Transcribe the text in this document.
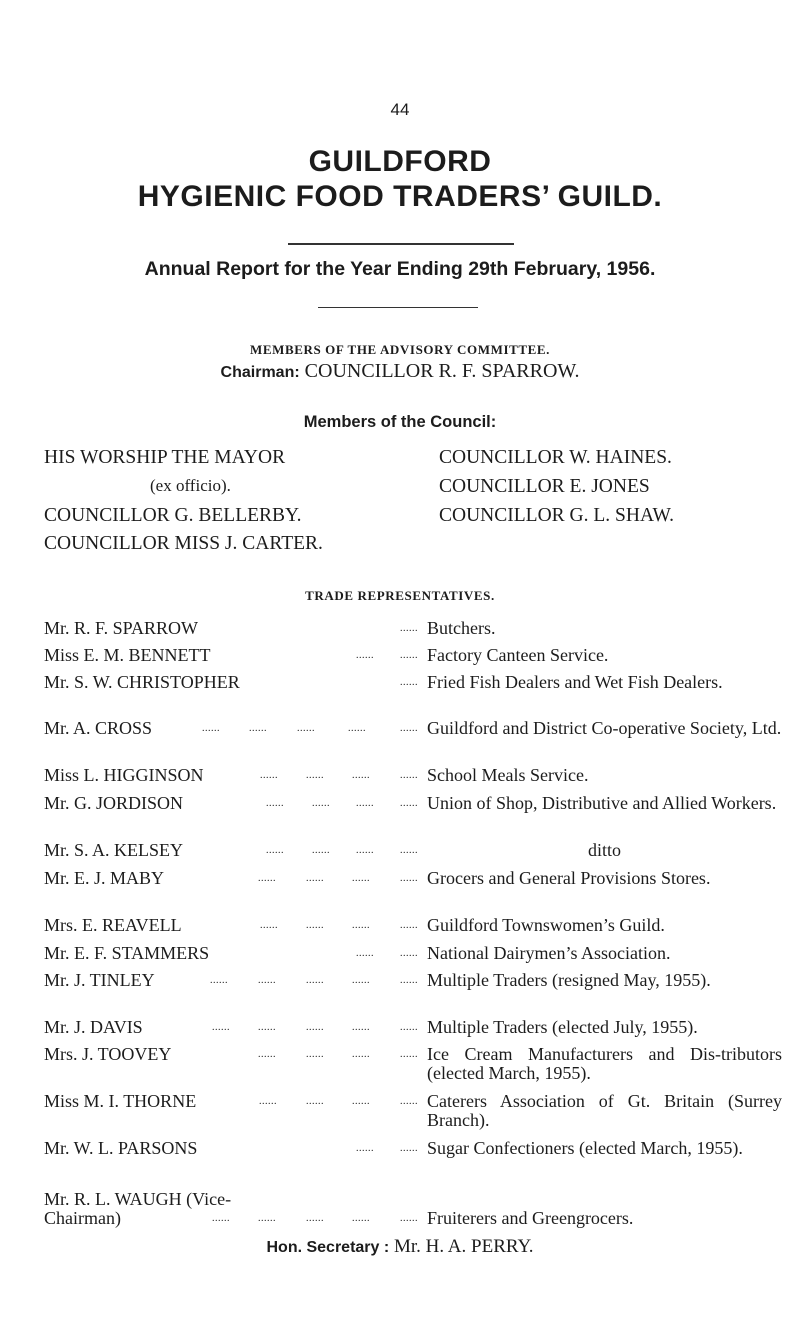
44
GUILDFORD
HYGIENIC FOOD TRADERS’ GUILD.
Annual Report for the Year Ending 29th February, 1956.
MEMBERS OF THE ADVISORY COMMITTEE.
Chairman: COUNCILLOR R. F. SPARROW.
Members of the Council:
HIS WORSHIP THE MAYOR
(ex officio).
COUNCILLOR G. BELLERBY.
COUNCILLOR MISS J. CARTER.
COUNCILLOR W. HAINES.
COUNCILLOR E. JONES
COUNCILLOR G. L. SHAW.
TRADE REPRESENTATIVES.
Mr. R. F. SPARROW	...... Butchers.
Miss E. M. BENNETT	......	...... Factory Canteen Service.
Mr. S. W. CHRISTOPHER	...... Fried Fish Dealers and Wet Fish Dealers.
Mr. A. CROSS	......	......	......	......	...... Guildford and District Co-operative Society, Ltd.
Miss L. HIGGINSON	......	......	......	...... School Meals Service.
Mr. G. JORDISON	......	......	......	...... Union of Shop, Distributive and Allied Workers.
Mr. S. A. KELSEY	......	......	......	......	ditto
Mr. E. J. MABY	......	......	......	...... Grocers and General Provisions Stores.
Mrs. E. REAVELL	......	......	......	...... Guildford Townswomen’s Guild.
Mr. E. F. STAMMERS	......	...... National Dairymen’s Association.
Mr. J. TINLEY	......	......	......	......	...... Multiple Traders (resigned May, 1955).
Mr. J. DAVIS	......	......	......	......	...... Multiple Traders (elected July, 1955).
Mrs. J. TOOVEY	......	......	......	...... Ice Cream Manufacturers and Dis-tributors (elected March, 1955).
Miss M. I. THORNE	......	......	......	...... Caterers Association of Gt. Britain (Surrey Branch).
Mr. W. L. PARSONS	......	...... Sugar Confectioners (elected March, 1955).
Mr. R. L. WAUGH (Vice-
Chairman)	......	......	......	......	...... Fruiterers and Greengrocers.
Hon. Secretary : Mr. H. A. PERRY.
